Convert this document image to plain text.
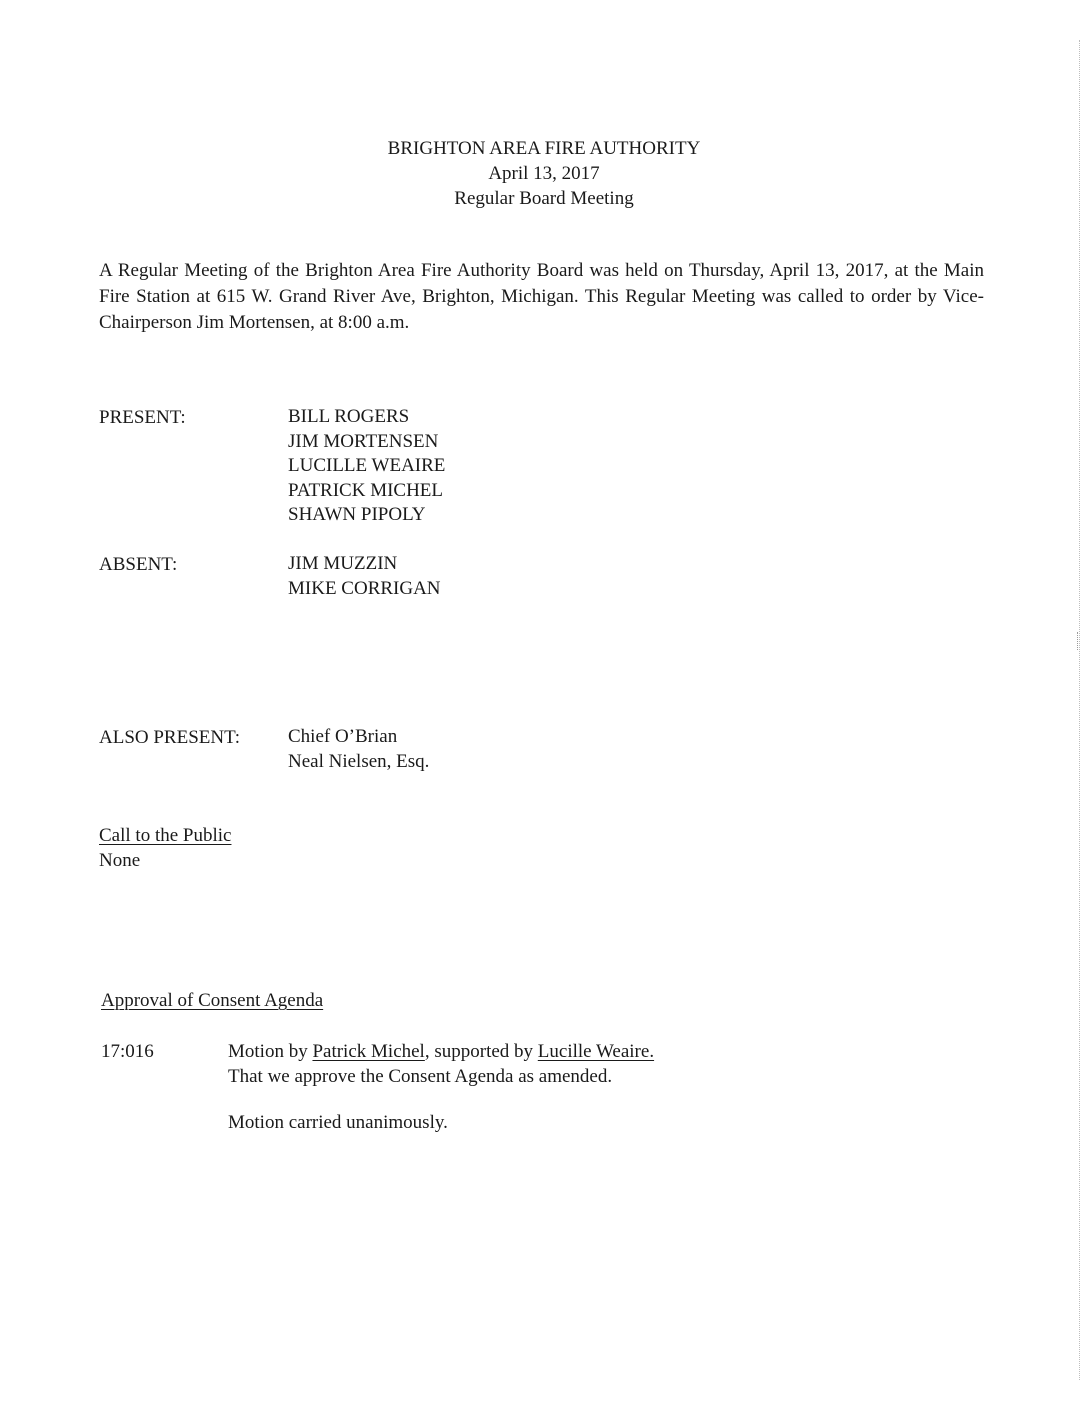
BRIGHTON AREA FIRE AUTHORITY
April 13, 2017
Regular Board Meeting
A Regular Meeting of the Brighton Area Fire Authority Board was held on Thursday, April 13, 2017, at the Main Fire Station at 615 W. Grand River Ave, Brighton, Michigan. This Regular Meeting was called to order by Vice-Chairperson Jim Mortensen, at 8:00 a.m.
PRESENT:	BILL ROGERS
JIM MORTENSEN
LUCILLE WEAIRE
PATRICK MICHEL
SHAWN PIPOLY
ABSENT:	JIM MUZZIN
MIKE CORRIGAN
ALSO PRESENT:	Chief O’Brian
Neal Nielsen, Esq.
Call to the Public
None
Approval of Consent Agenda
17:016	Motion by Patrick Michel, supported by Lucille Weaire.
That we approve the Consent Agenda as amended.
Motion carried unanimously.
